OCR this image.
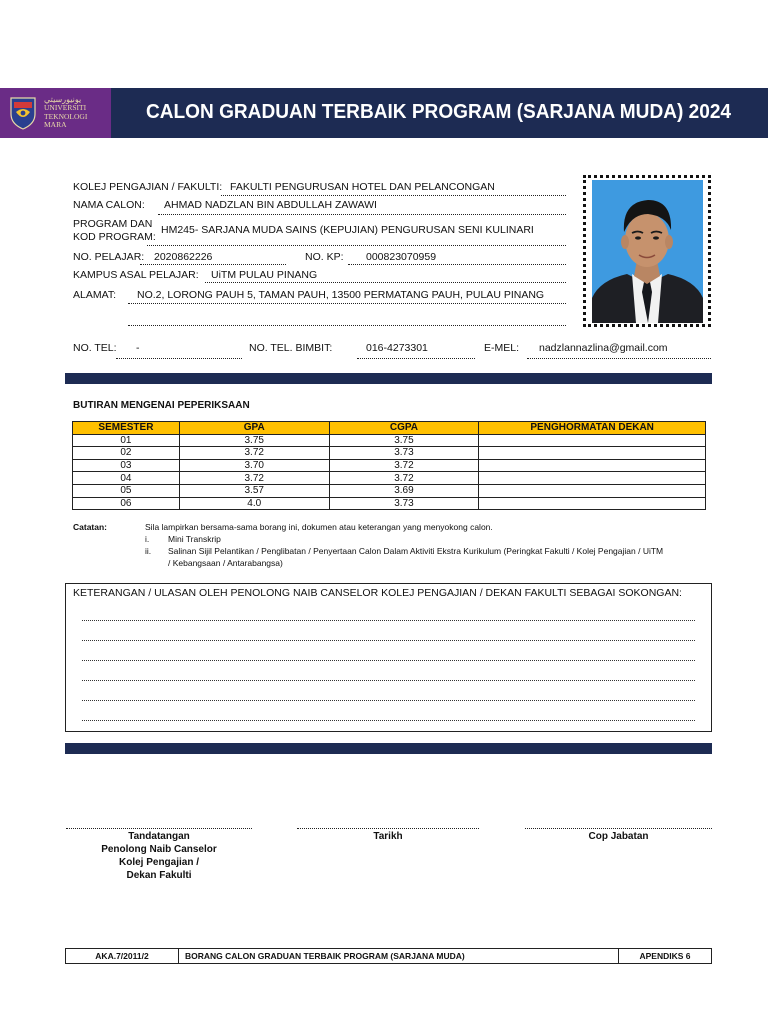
ﯾﻮﻧﯿﻮﺭﺳﯿﺘﻲ
UNIVERSITI
TEKNOLOGI
MARA
CALON GRADUAN TERBAIK PROGRAM (SARJANA MUDA) 2024
KOLEJ PENGAJIAN / FAKULTI: FAKULTI PENGURUSAN HOTEL DAN PELANCONGAN
NAMA CALON: AHMAD NADZLAN BIN ABDULLAH ZAWAWI
PROGRAM DAN
KOD PROGRAM:
HM245- SARJANA MUDA SAINS (KEPUJIAN) PENGURUSAN SENI KULINARI
NO. PELAJAR: 2020862226	NO. KP: 000823070959
KAMPUS ASAL PELAJAR: UiTM PULAU PINANG
ALAMAT: NO.2, LORONG PAUH 5, TAMAN PAUH, 13500 PERMATANG PAUH, PULAU PINANG
NO. TEL: -	NO. TEL. BIMBIT:	016-4273301	E-MEL: nadzlannazlina@gmail.com
BUTIRAN MENGENAI PEPERIKSAAN
SEMESTER	GPA	CGPA	PENGHORMATAN DEKAN
01	3.75	3.75	
02	3.72	3.73	
03	3.70	3.72	
04	3.72	3.72	
05	3.57	3.69	
06	4.0	3.73	
Catatan:	Sila lampirkan bersama-sama borang ini, dokumen atau keterangan yang menyokong calon.
i. Mini Transkrip
ii. Salinan Sijil Pelantikan / Penglibatan / Penyertaan Calon Dalam Aktiviti Ekstra Kurikulum (Peringkat Fakulti / Kolej Pengajian / UiTM
/ Kebangsaan / Antarabangsa)
KETERANGAN / ULASAN OLEH PENOLONG NAIB CANSELOR KOLEJ PENGAJIAN / DEKAN FAKULTI SEBAGAI SOKONGAN:
Tandatangan
Penolong Naib Canselor
Kolej Pengajian /
Dekan Fakulti
Tarikh	Cop Jabatan
AKA.7/2011/2	BORANG CALON GRADUAN TERBAIK PROGRAM (SARJANA MUDA)	APENDIKS 6
